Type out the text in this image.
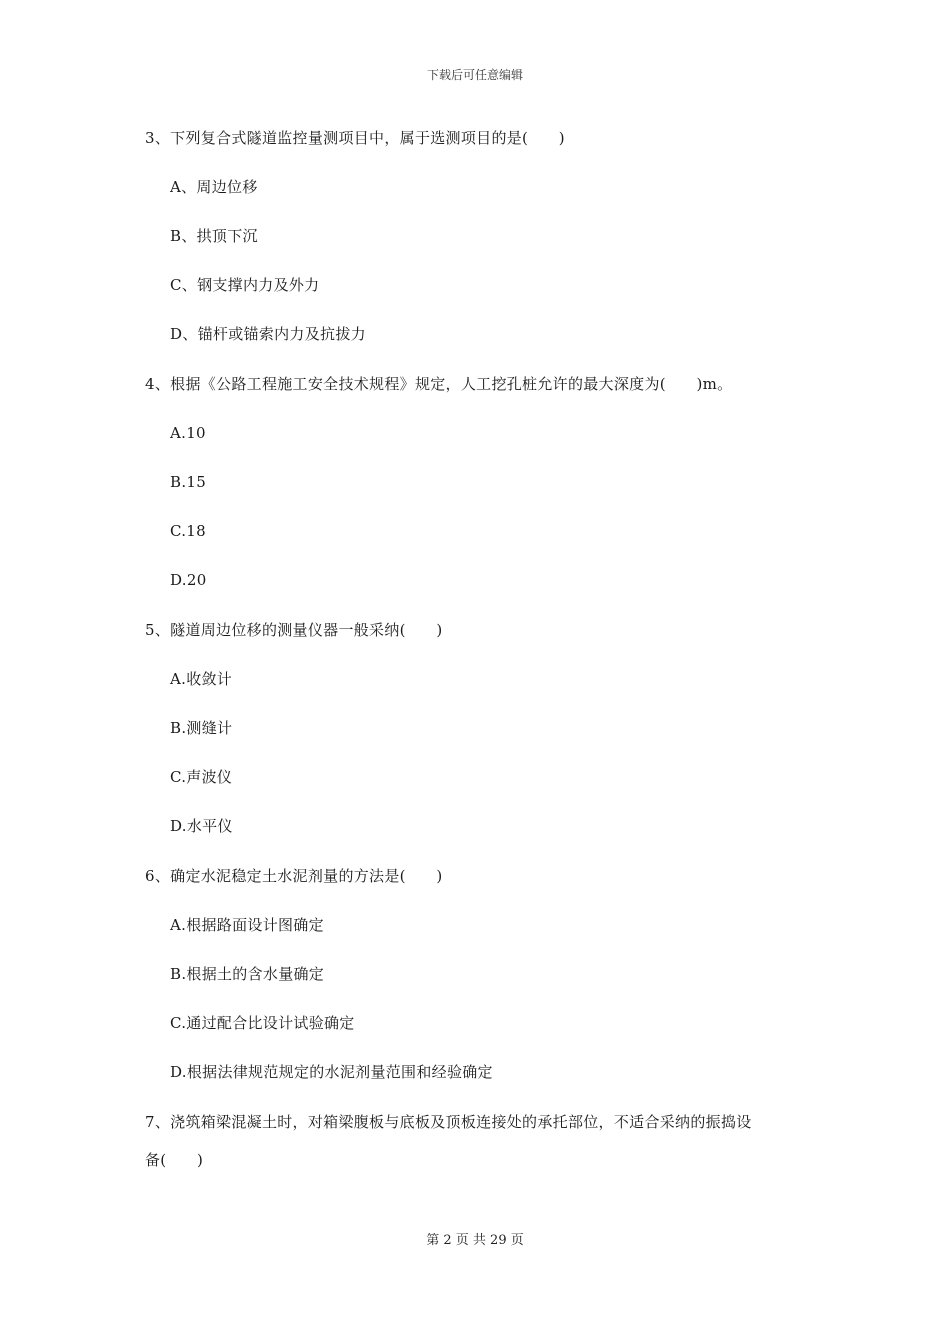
下载后可任意编辑
3、下列复合式隧道监控量测项目中，属于选测项目的是(　　)
A、周边位移
B、拱顶下沉
C、钢支撑内力及外力
D、锚杆或锚索内力及抗拔力
4、根据《公路工程施工安全技术规程》规定，人工挖孔桩允许的最大深度为(　　)m。
A.10
B.15
C.18
D.20
5、隧道周边位移的测量仪器一般采纳(　　)
A.收敛计
B.测缝计
C.声波仪
D.水平仪
6、确定水泥稳定土水泥剂量的方法是(　　)
A.根据路面设计图确定
B.根据土的含水量确定
C.通过配合比设计试验确定
D.根据法律规范规定的水泥剂量范围和经验确定
7、浇筑箱梁混凝土时，对箱梁腹板与底板及顶板连接处的承托部位，不适合采纳的振捣设
备(　　)
第 2 页 共 29 页
